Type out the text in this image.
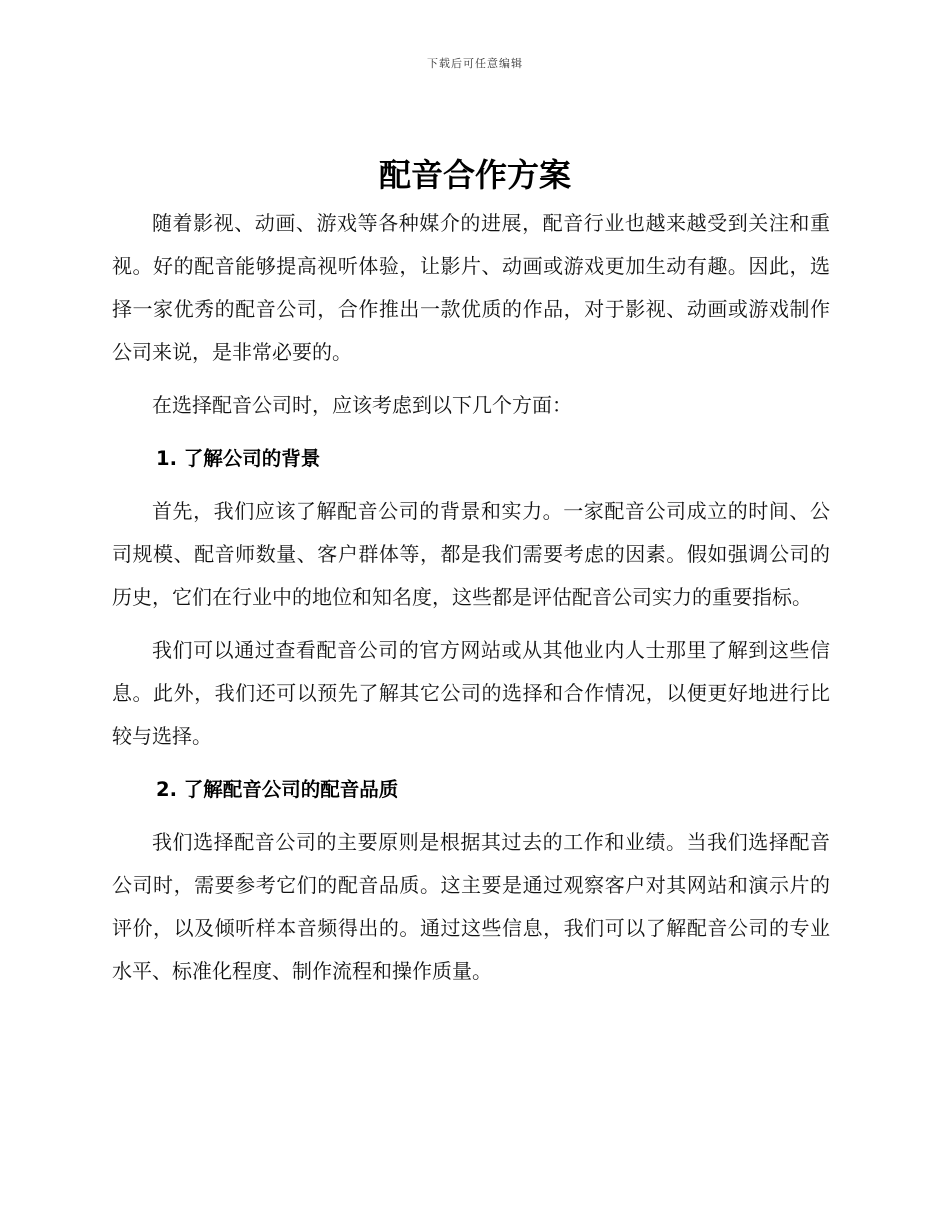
下载后可任意编辑
配音合作方案

随着影视、动画、游戏等各种媒介的进展，配音行业也越来越受到关注和重视。好的配音能够提高视听体验，让影片、动画或游戏更加生动有趣。因此，选择一家优秀的配音公司，合作推出一款优质的作品，对于影视、动画或游戏制作公司来说，是非常必要的。

在选择配音公司时，应该考虑到以下几个方面：

1. 了解公司的背景

首先，我们应该了解配音公司的背景和实力。一家配音公司成立的时间、公司规模、配音师数量、客户群体等，都是我们需要考虑的因素。假如强调公司的历史，它们在行业中的地位和知名度，这些都是评估配音公司实力的重要指标。

我们可以通过查看配音公司的官方网站或从其他业内人士那里了解到这些信息。此外，我们还可以预先了解其它公司的选择和合作情况，以便更好地进行比较与选择。

2. 了解配音公司的配音品质

我们选择配音公司的主要原则是根据其过去的工作和业绩。当我们选择配音公司时，需要参考它们的配音品质。这主要是通过观察客户对其网站和演示片的评价，以及倾听样本音频得出的。通过这些信息，我们可以了解配音公司的专业水平、标准化程度、制作流程和操作质量。
